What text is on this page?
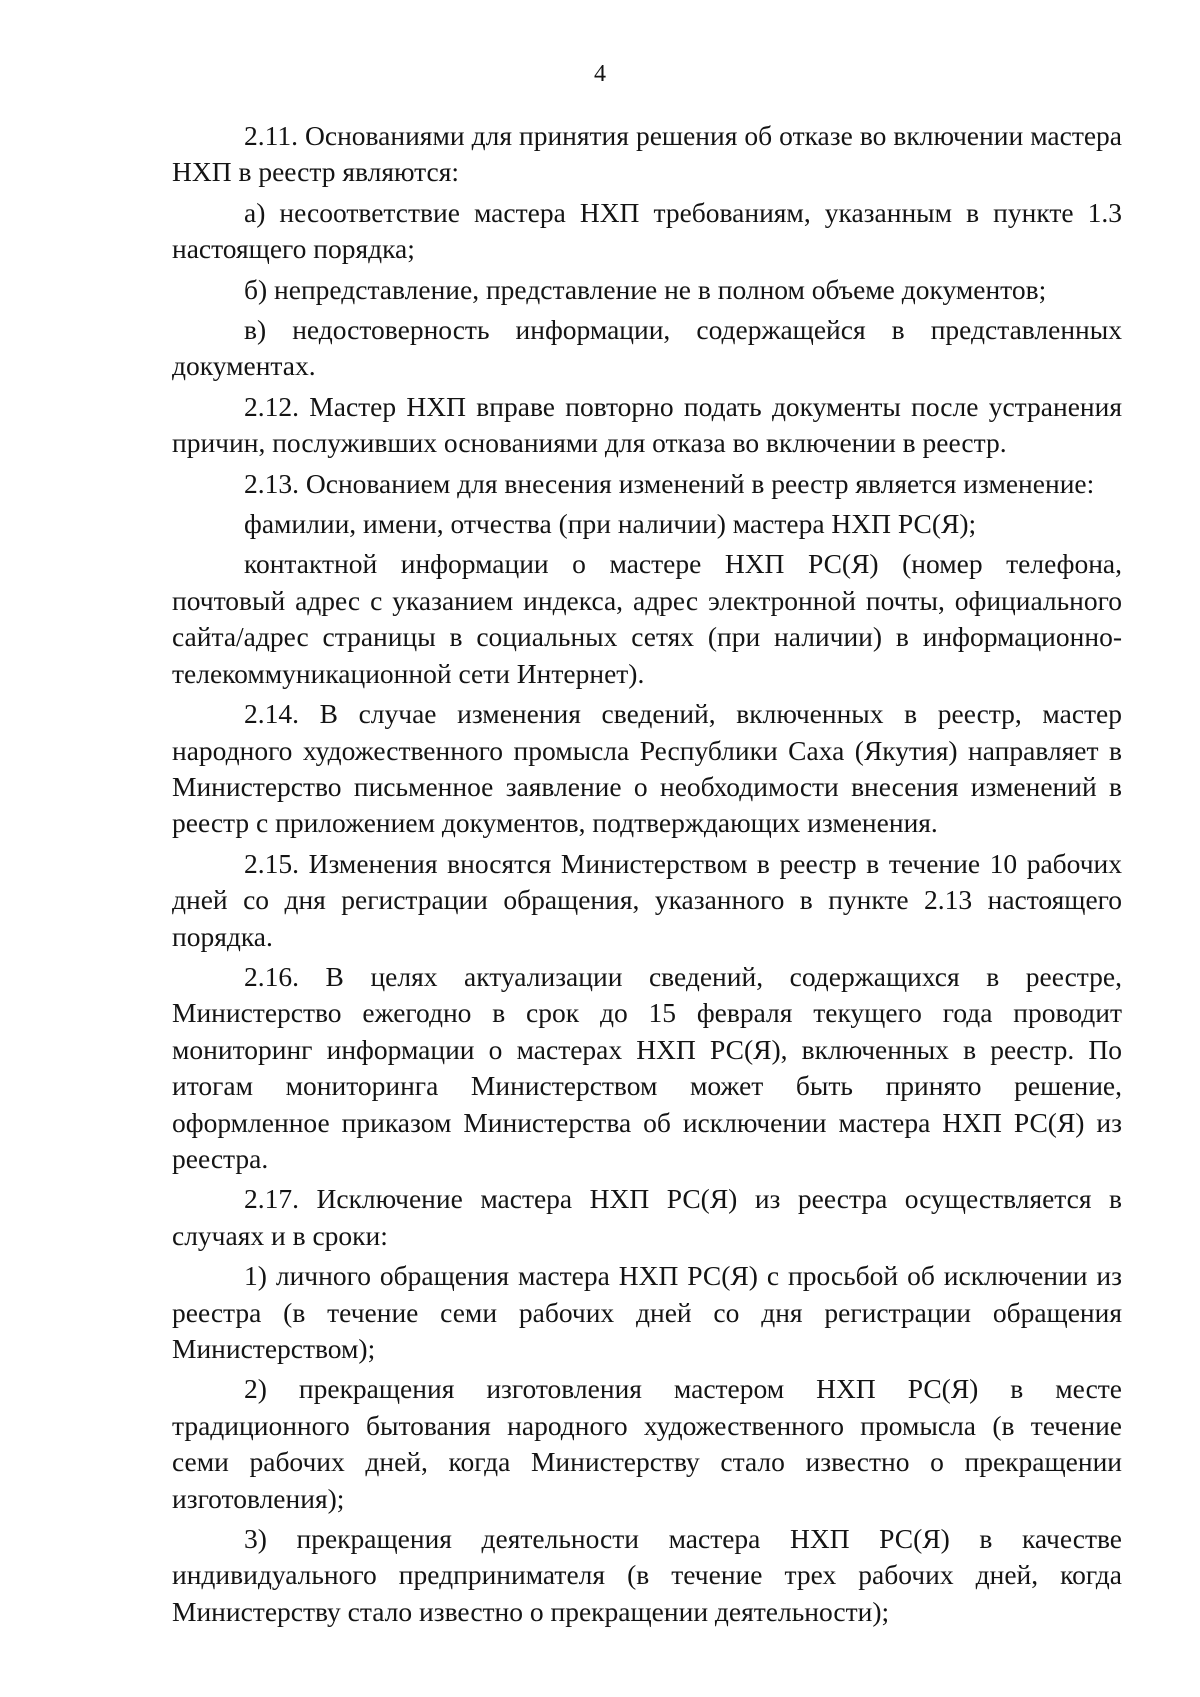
4

2.11. Основаниями для принятия решения об отказе во включении мастера НХП в реестр являются:

а) несоответствие мастера НХП требованиям, указанным в пункте 1.3 настоящего порядка;

б) непредставление, представление не в полном объеме документов;

в) недостоверность информации, содержащейся в представленных документах.

2.12. Мастер НХП вправе повторно подать документы после устранения причин, послуживших основаниями для отказа во включении в реестр.

2.13. Основанием для внесения изменений в реестр является изменение:

фамилии, имени, отчества (при наличии) мастера НХП РС(Я);

контактной информации о мастере НХП РС(Я) (номер телефона, почтовый адрес с указанием индекса, адрес электронной почты, официального сайта/адрес страницы в социальных сетях (при наличии) в информационно-телекоммуникационной сети Интернет).

2.14. В случае изменения сведений, включенных в реестр, мастер народного художественного промысла Республики Саха (Якутия) направляет в Министерство письменное заявление о необходимости внесения изменений в реестр с приложением документов, подтверждающих изменения.

2.15. Изменения вносятся Министерством в реестр в течение 10 рабочих дней со дня регистрации обращения, указанного в пункте 2.13 настоящего порядка.

2.16. В целях актуализации сведений, содержащихся в реестре, Министерство ежегодно в срок до 15 февраля текущего года проводит мониторинг информации о мастерах НХП РС(Я), включенных в реестр. По итогам мониторинга Министерством может быть принято решение, оформленное приказом Министерства об исключении мастера НХП РС(Я) из реестра.

2.17. Исключение мастера НХП РС(Я) из реестра осуществляется в случаях и в сроки:

1) личного обращения мастера НХП РС(Я) с просьбой об исключении из реестра (в течение семи рабочих дней со дня регистрации обращения Министерством);

2) прекращения изготовления мастером НХП РС(Я) в месте традиционного бытования народного художественного промысла (в течение семи рабочих дней, когда Министерству стало известно о прекращении изготовления);

3) прекращения деятельности мастера НХП РС(Я) в качестве индивидуального предпринимателя (в течение трех рабочих дней, когда Министерству стало известно о прекращении деятельности);
